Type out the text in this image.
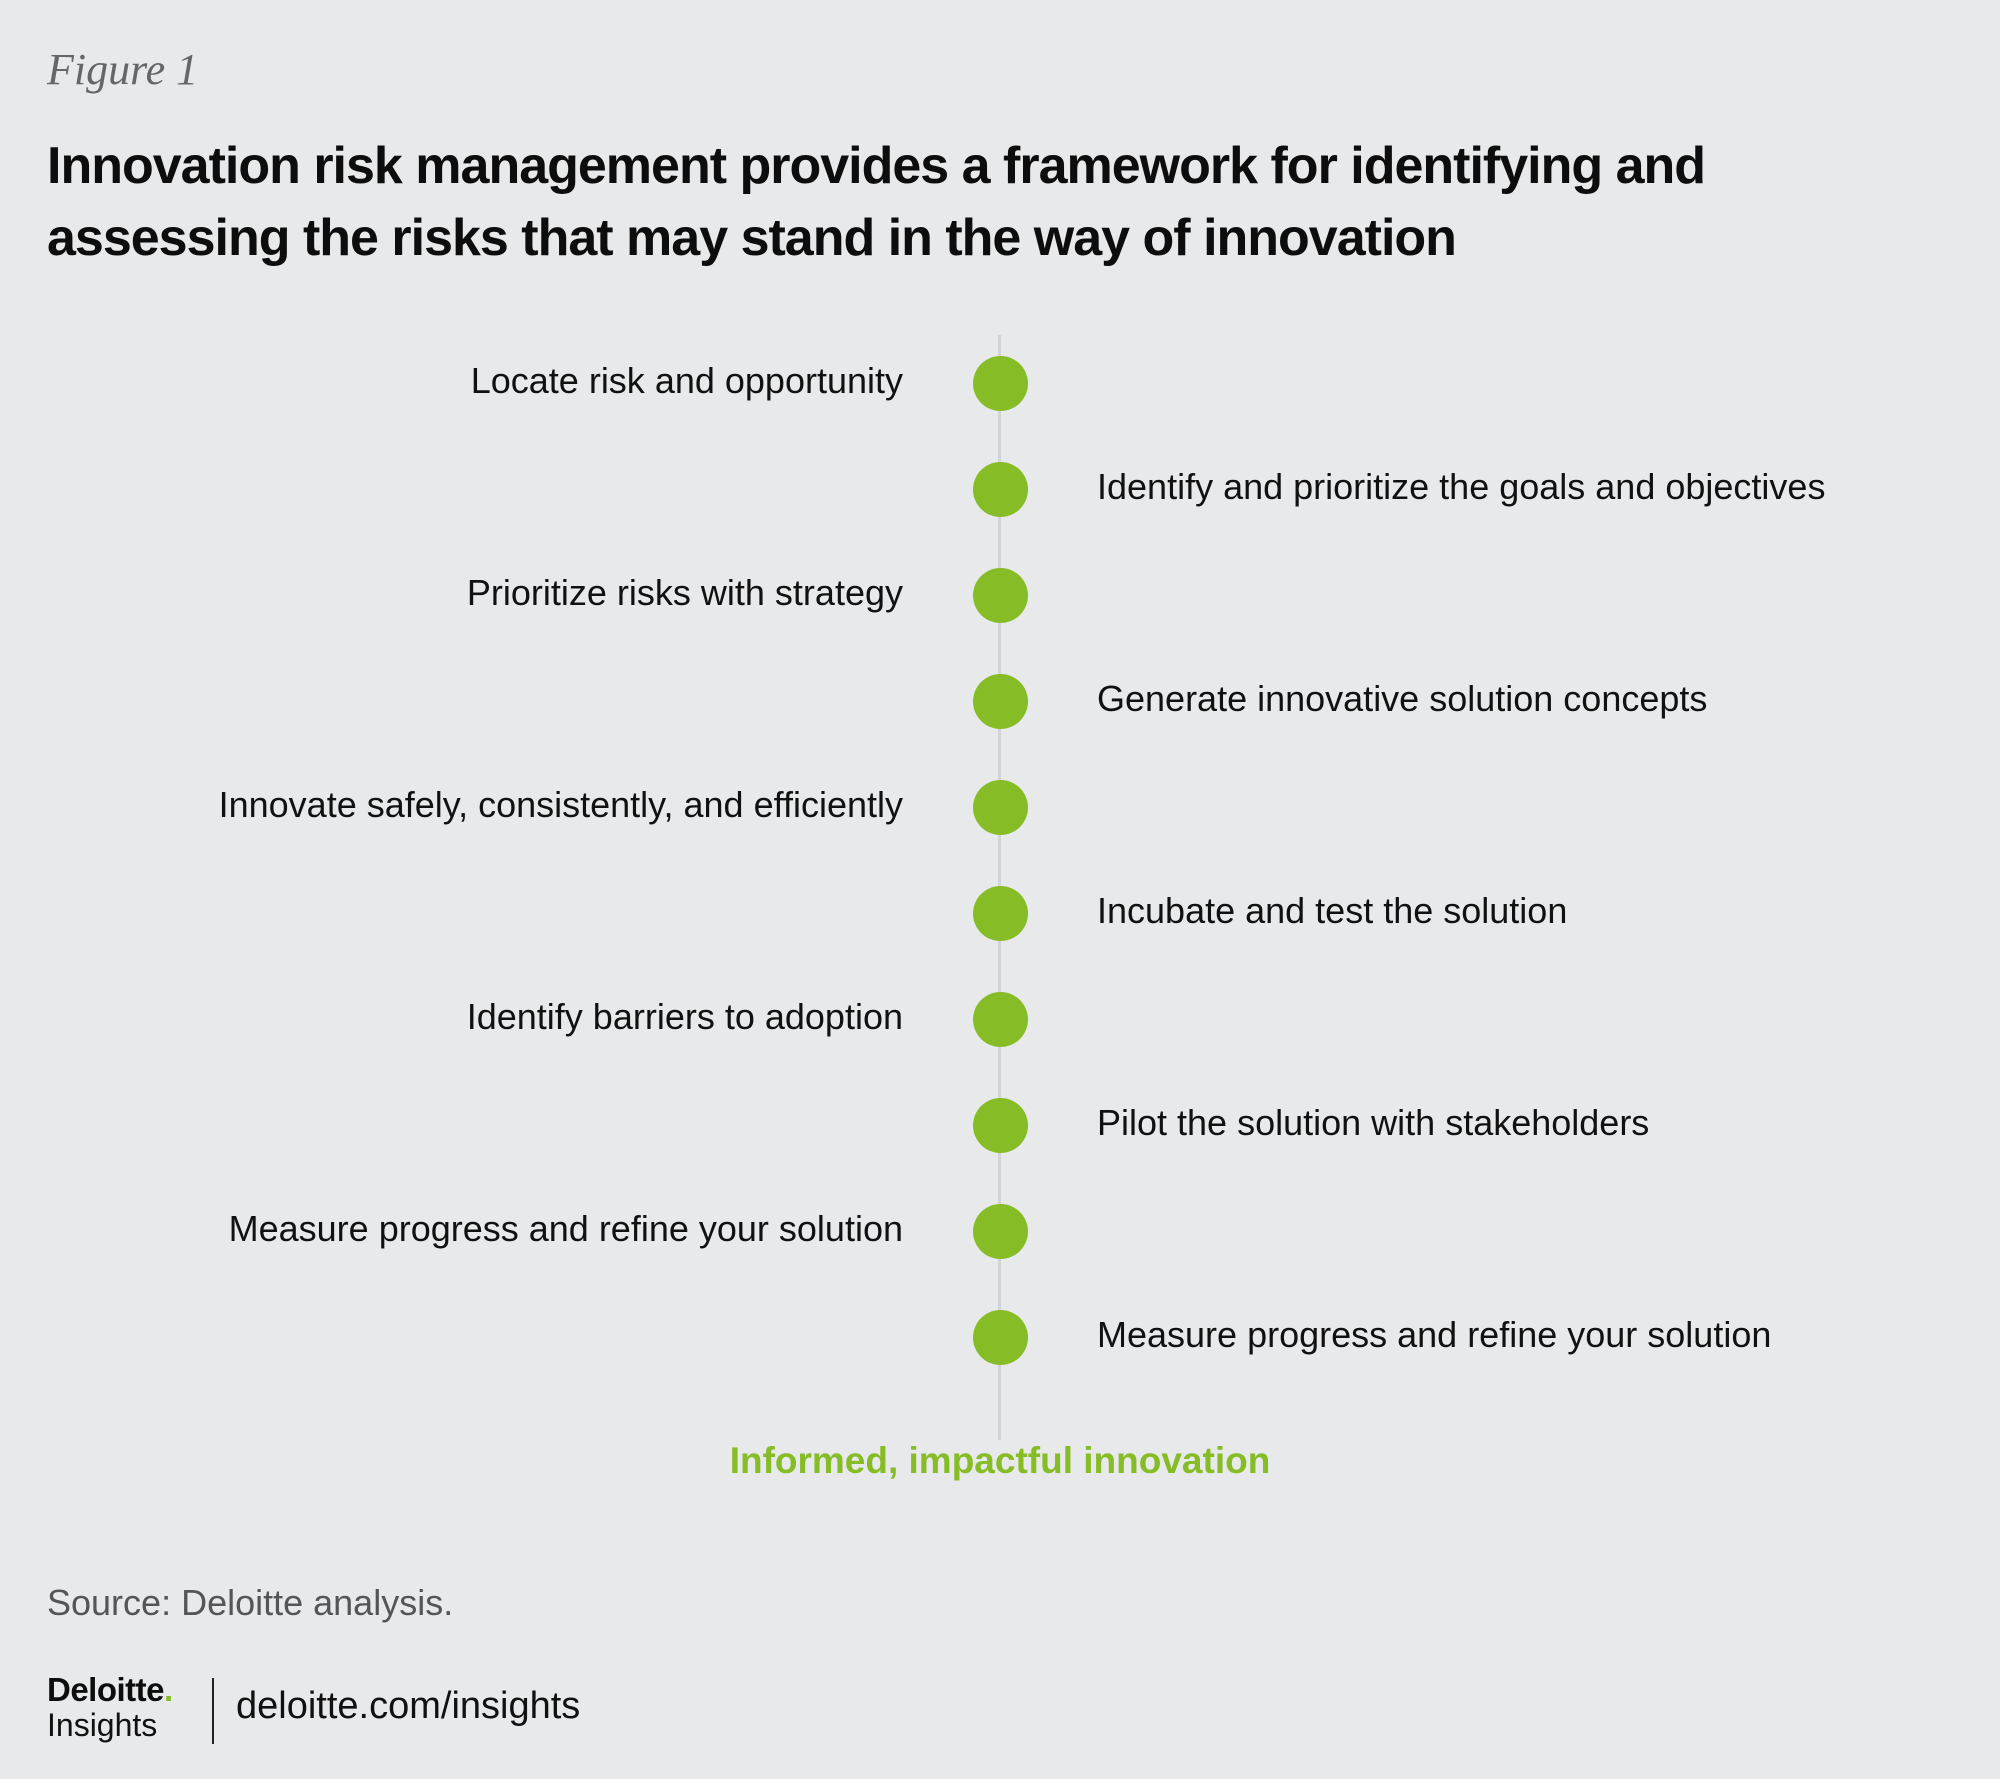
Figure 1
Innovation risk management provides a framework for identifying and assessing the risks that may stand in the way of innovation
Locate risk and opportunity
Identify and prioritize the goals and objectives
Prioritize risks with strategy
Generate innovative solution concepts
Innovate safely, consistently, and efficiently
Incubate and test the solution
Identify barriers to adoption
Pilot the solution with stakeholders
Measure progress and refine your solution
Measure progress and refine your solution
Informed, impactful innovation
Source: Deloitte analysis.
Deloitte.
Insights	deloitte.com/insights
